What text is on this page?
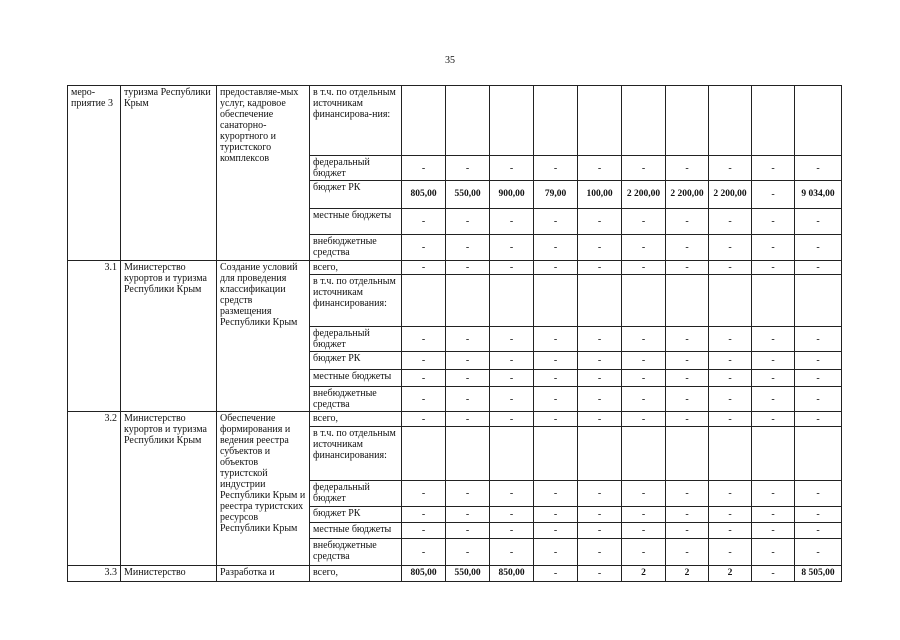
35
меро-приятие 3	туризма Республики Крым	предоставляе-мых услуг, кадровое обеспечение санаторно-курортного и туристского комплексов	в т.ч. по отдельным источникам финансирова-ния:										
			федеральный бюджет	-	-	-	-	-	-	-	-	-	-
			бюджет РК	805,00	550,00	900,00	79,00	100,00	2 200,00	2 200,00	2 200,00	-	9 034,00
			местные бюджеты	-	-	-	-	-	-	-	-	-	-
			внебюджетные средства	-	-	-	-	-	-	-	-	-	-
3.1	Министерство курортов и туризма Республики Крым	Создание условий для проведения классификации средств размещения Республики Крым	всего,	-	-	-	-	-	-	-	-	-	-
			в т.ч. по отдельным источникам финансирования:										
			федеральный бюджет	-	-	-	-	-	-	-	-	-	-
			бюджет РК	-	-	-	-	-	-	-	-	-	-
			местные бюджеты	-	-	-	-	-	-	-	-	-	-
			внебюджетные средства	-	-	-	-	-	-	-	-	-	-
3.2	Министерство курортов и туризма Республики Крым	Обеспечение формирования и ведения реестра субъектов и объектов туристской индустрии Республики Крым и реестра туристских ресурсов Республики Крым	всего,	-	-	-	-	-	-	-	-	-	-
			в т.ч. по отдельным источникам финансирования:										
			федеральный бюджет	-	-	-	-	-	-	-	-	-	-
			бюджет РК	-	-	-	-	-	-	-	-	-	-
			местные бюджеты	-	-	-	-	-	-	-	-	-	-
			внебюджетные средства	-	-	-	-	-	-	-	-	-	-
3.3	Министерство	Разработка и	всего,	805,00	550,00	850,00	-	-	2	2	2	-	8 505,00
